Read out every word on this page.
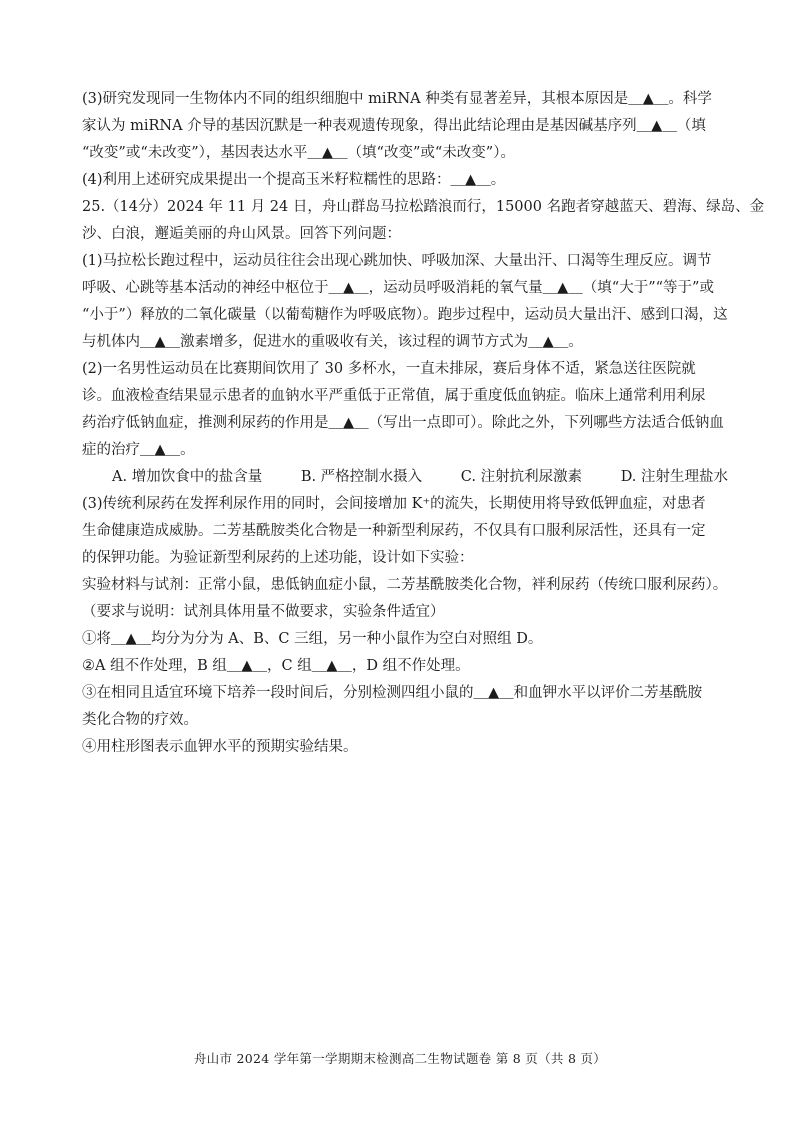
(3)研究发现同一生物体内不同的组织细胞中 miRNA 种类有显著差异，其根本原因是＿▲＿。科学
家认为 miRNA 介导的基因沉默是一种表观遗传现象，得出此结论理由是基因碱基序列＿▲＿（填
“改变”或“未改变”），基因表达水平＿▲＿（填“改变”或“未改变”）。
(4)利用上述研究成果提出一个提高玉米籽粒糯性的思路：＿▲＿。
25.（14分）2024 年 11 月 24 日，舟山群岛马拉松踏浪而行，15000 名跑者穿越蓝天、碧海、绿岛、金
沙、白浪，邂逅美丽的舟山风景。回答下列问题：
(1)马拉松长跑过程中，运动员往往会出现心跳加快、呼吸加深、大量出汗、口渴等生理反应。调节
呼吸、心跳等基本活动的神经中枢位于＿▲＿，运动员呼吸消耗的氧气量＿▲＿（填“大于”“等于”或
“小于”）释放的二氧化碳量（以葡萄糖作为呼吸底物）。跑步过程中，运动员大量出汗、感到口渴，这
与机体内＿▲＿激素增多，促进水的重吸收有关，该过程的调节方式为＿▲＿。
(2)一名男性运动员在比赛期间饮用了 30 多杯水，一直未排尿，赛后身体不适，紧急送往医院就
诊。血液检查结果显示患者的血钠水平严重低于正常值，属于重度低血钠症。临床上通常利用利尿
药治疗低钠血症，推测利尿药的作用是＿▲＿（写出一点即可）。除此之外，下列哪些方法适合低钠血
症的治疗＿▲＿。
A. 增加饮食中的盐含量	B. 严格控制水摄入	C. 注射抗利尿激素	D. 注射生理盐水
(3)传统利尿药在发挥利尿作用的同时，会间接增加 K⁺的流失，长期使用将导致低钾血症，对患者
生命健康造成威胁。二芳基酰胺类化合物是一种新型利尿药，不仅具有口服利尿活性，还具有一定
的保钾功能。为验证新型利尿药的上述功能，设计如下实验：
实验材料与试剂：正常小鼠，患低钠血症小鼠，二芳基酰胺类化合物，袢利尿药（传统口服利尿药）。
（要求与说明：试剂具体用量不做要求，实验条件适宜）
①将＿▲＿均分为分为 A、B、C 三组，另一种小鼠作为空白对照组 D。
②A 组不作处理，B 组＿▲＿，C 组＿▲＿，D 组不作处理。
③在相同且适宜环境下培养一段时间后，分别检测四组小鼠的＿▲＿和血钾水平以评价二芳基酰胺
类化合物的疗效。
④用柱形图表示血钾水平的预期实验结果。
舟山市 2024 学年第一学期期末检测高二生物试题卷 第 8 页（共 8 页）
